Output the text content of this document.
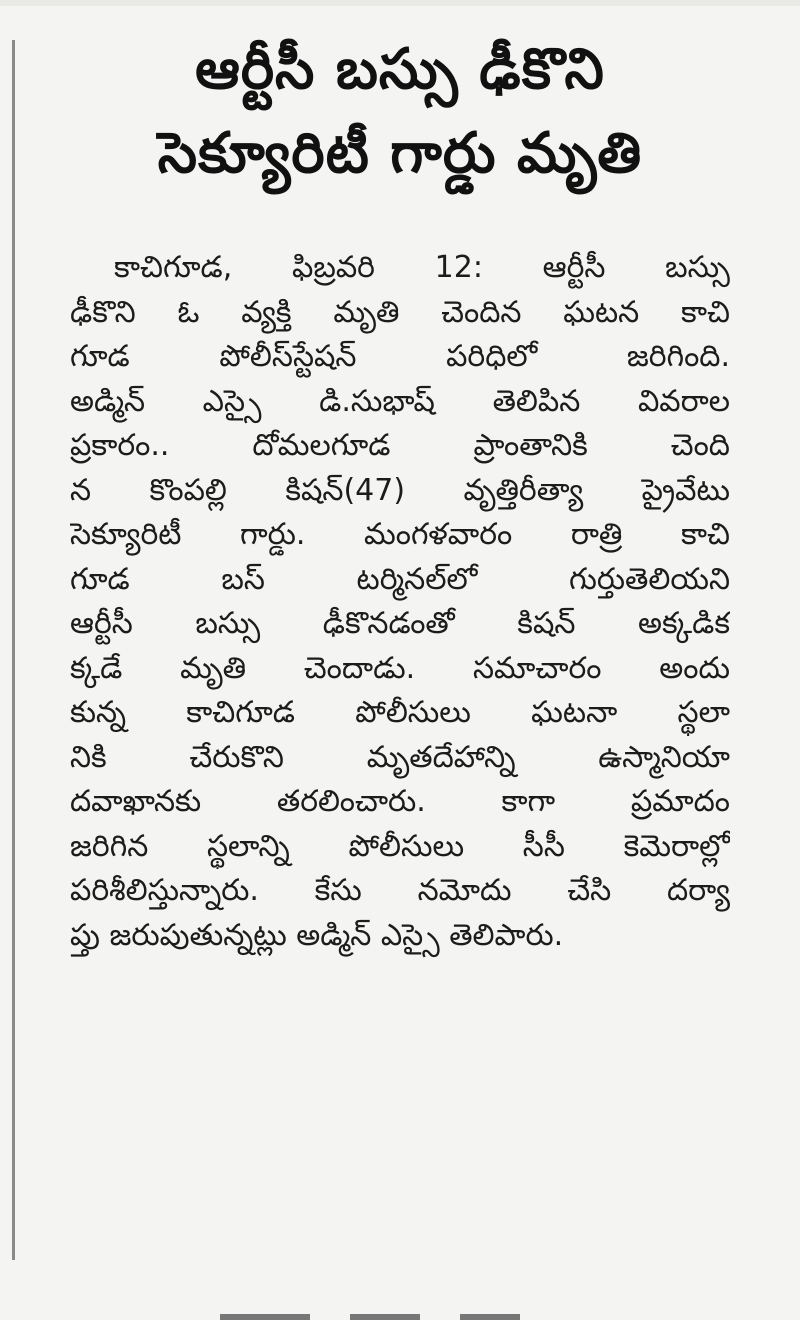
ఆర్టీసీ బస్సు ఢీకొని
సెక్యూరిటీ గార్డు మృతి
కాచిగూడ, ఫిబ్రవరి 12: ఆర్టీసీ బస్సు
ఢీకొని ఓ వ్యక్తి మృతి చెందిన ఘటన కాచి
గూడ పోలీస్‌స్టేషన్ పరిధిలో జరిగింది.
అడ్మిన్ ఎస్సై డి.సుభాష్ తెలిపిన వివరాల
ప్రకారం.. దోమలగూడ ప్రాంతానికి చెంది
న కొంపల్లి కిషన్(47) వృత్తిరీత్యా ప్రైవేటు
సెక్యూరిటీ గార్డు. మంగళవారం రాత్రి కాచి
గూడ బస్ టర్మినల్‌లో గుర్తుతెలియని
ఆర్టీసీ బస్సు ఢీకొనడంతో కిషన్ అక్కడిక
క్కడే మృతి చెందాడు. సమాచారం అందు
కున్న కాచిగూడ పోలీసులు ఘటనా స్థలా
నికి చేరుకొని మృతదేహాన్ని ఉస్మానియా
దవాఖానకు తరలించారు. కాగా ప్రమాదం
జరిగిన స్థలాన్ని పోలీసులు సీసీ కెమెరాల్లో
పరిశీలిస్తున్నారు. కేసు నమోదు చేసి దర్యా
ప్తు జరుపుతున్నట్లు అడ్మిన్ ఎస్సై తెలిపారు.
